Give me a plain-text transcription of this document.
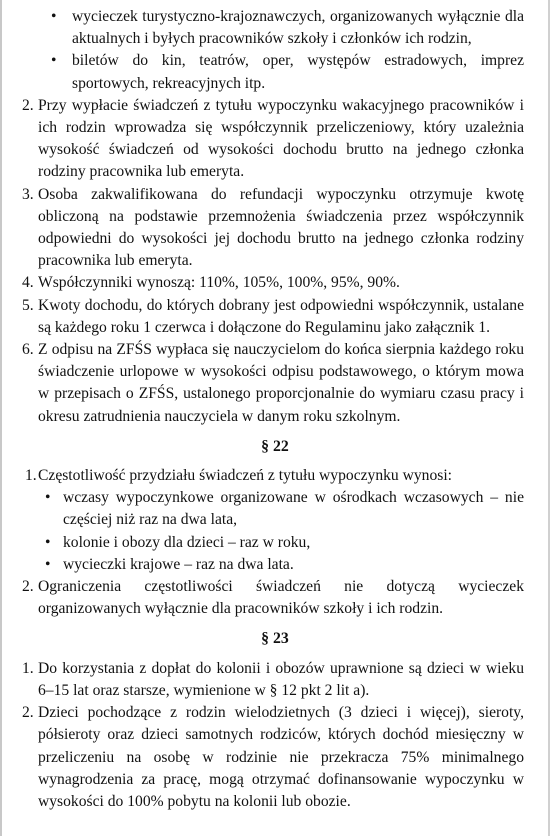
• wycieczek turystyczno-krajoznawczych, organizowanych wyłącznie dla aktualnych i byłych pracowników szkoły i członków ich rodzin,
• biletów do kin, teatrów, oper, występów estradowych, imprez sportowych, rekreacyjnych itp.
2. Przy wypłacie świadczeń z tytułu wypoczynku wakacyjnego pracowników i ich rodzin wprowadza się współczynnik przeliczeniowy, który uzależnia wysokość świadczeń od wysokości dochodu brutto na jednego członka rodziny pracownika lub emeryta.
3. Osoba zakwalifikowana do refundacji wypoczynku otrzymuje kwotę obliczoną na podstawie przemnożenia świadczenia przez współczynnik odpowiedni do wysokości jej dochodu brutto na jednego członka rodziny pracownika lub emeryta.
4. Współczynniki wynoszą: 110%, 105%, 100%, 95%, 90%.
5. Kwoty dochodu, do których dobrany jest odpowiedni współczynnik, ustalane są każdego roku 1 czerwca i dołączone do Regulaminu jako załącznik 1.
6. Z odpisu na ZFŚS wypłaca się nauczycielom do końca sierpnia każdego roku świadczenie urlopowe w wysokości odpisu podstawowego, o którym mowa w przepisach o ZFŚS, ustalonego proporcjonalnie do wymiaru czasu pracy i okresu zatrudnienia nauczyciela w danym roku szkolnym.
§ 22
1. Częstotliwość przydziału świadczeń z tytułu wypoczynku wynosi:
• wczasy wypoczynkowe organizowane w ośrodkach wczasowych – nie częściej niż raz na dwa lata,
• kolonie i obozy dla dzieci – raz w roku,
• wycieczki krajowe – raz na dwa lata.
2. Ograniczenia częstotliwości świadczeń nie dotyczą wycieczek organizowanych wyłącznie dla pracowników szkoły i ich rodzin.
§ 23
1. Do korzystania z dopłat do kolonii i obozów uprawnione są dzieci w wieku 6–15 lat oraz starsze, wymienione w § 12 pkt 2 lit a).
2. Dzieci pochodzące z rodzin wielodzietnych (3 dzieci i więcej), sieroty, półsieroty oraz dzieci samotnych rodziców, których dochód miesięczny w przeliczeniu na osobę w rodzinie nie przekracza 75% minimalnego wynagrodzenia za pracę, mogą otrzymać dofinansowanie wypoczynku w wysokości do 100% pobytu na kolonii lub obozie.
